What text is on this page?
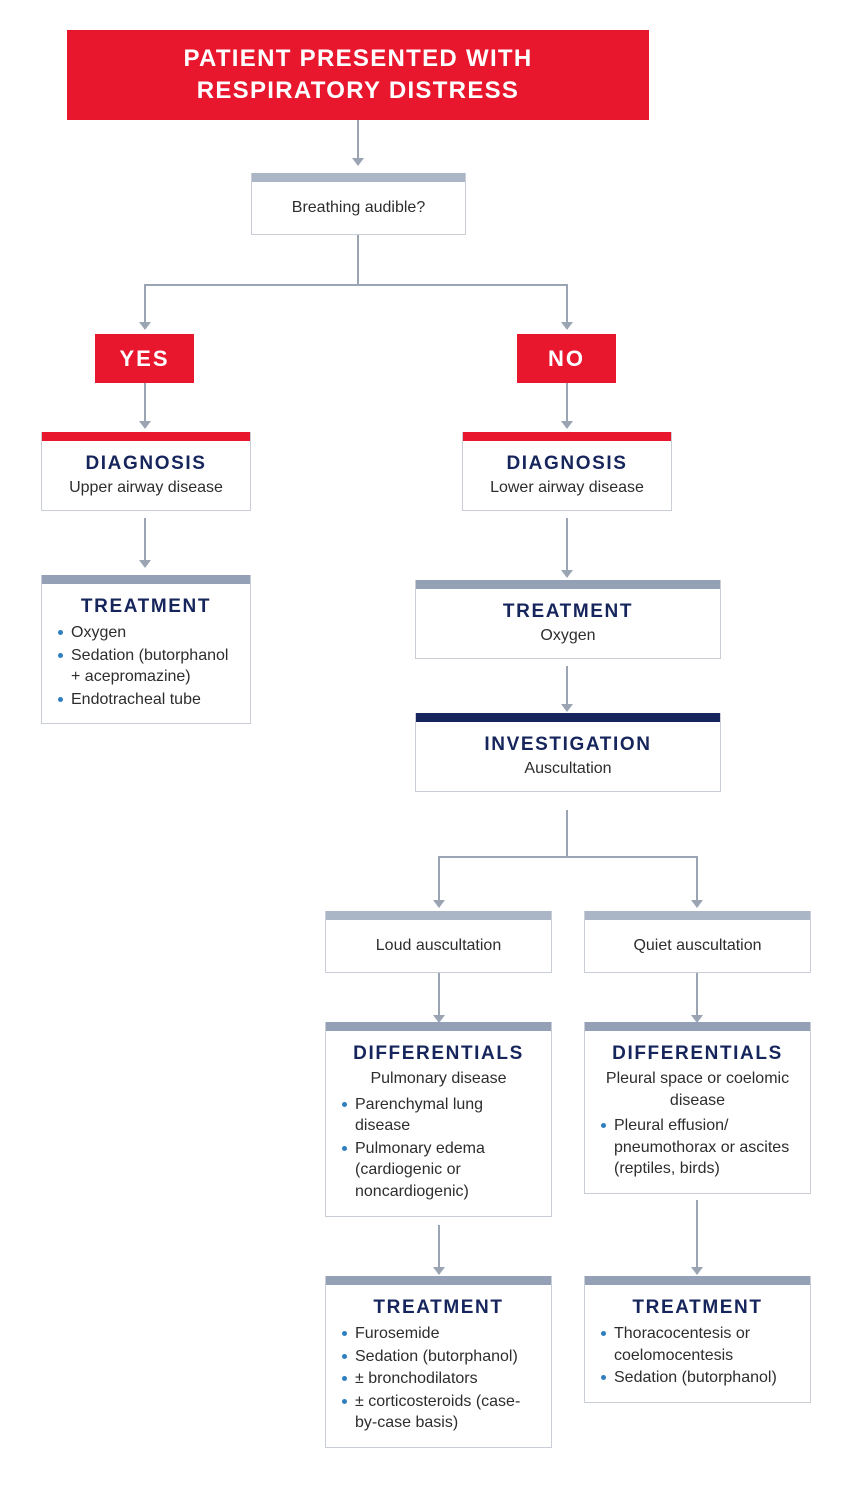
PATIENT PRESENTED WITH
RESPIRATORY DISTRESS
Breathing audible?
YES	NO
DIAGNOSIS
Upper airway disease
DIAGNOSIS
Lower airway disease
TREATMENT
Oxygen
Sedation (butorphanol + acepromazine)
Endotracheal tube
TREATMENT
Oxygen
INVESTIGATION
Auscultation
Loud auscultation	Quiet auscultation
DIFFERENTIALS
Pulmonary disease
Parenchymal lung disease
Pulmonary edema (cardiogenic or noncardiogenic)
DIFFERENTIALS
Pleural space or coelomic disease
Pleural effusion/ pneumothorax or ascites (reptiles, birds)
TREATMENT
Furosemide
Sedation (butorphanol)
± bronchodilators
± corticosteroids (case-by-case basis)
TREATMENT
Thoracocentesis or coelomocentesis
Sedation (butorphanol)
